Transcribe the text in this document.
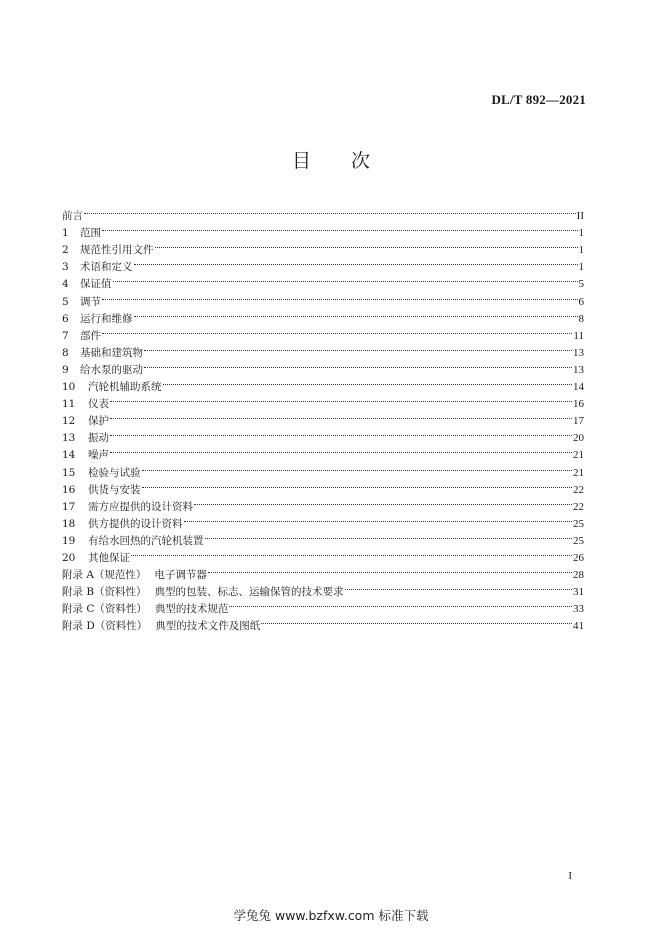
DL/T 892—2021
目 次
前言	II
1	范围	1
2	规范性引用文件	1
3	术语和定义	1
4	保证值	5
5	调节	6
6	运行和维修	8
7	部件	11
8	基础和建筑物	13
9	给水泵的驱动	13
10	汽轮机辅助系统	14
11	仪表	16
12	保护	17
13	振动	20
14	噪声	21
15	检验与试验	21
16	供货与安装	22
17	需方应提供的设计资料	22
18	供方提供的设计资料	25
19	有给水回热的汽轮机装置	25
20	其他保证	26
附录 A（规范性） 电子调节器	28
附录 B（资料性） 典型的包装、标志、运输保管的技术要求	31
附录 C（资料性） 典型的技术规范	33
附录 D（资料性） 典型的技术文件及图纸	41
I
学兔兔 www.bzfxw.com 标准下载
